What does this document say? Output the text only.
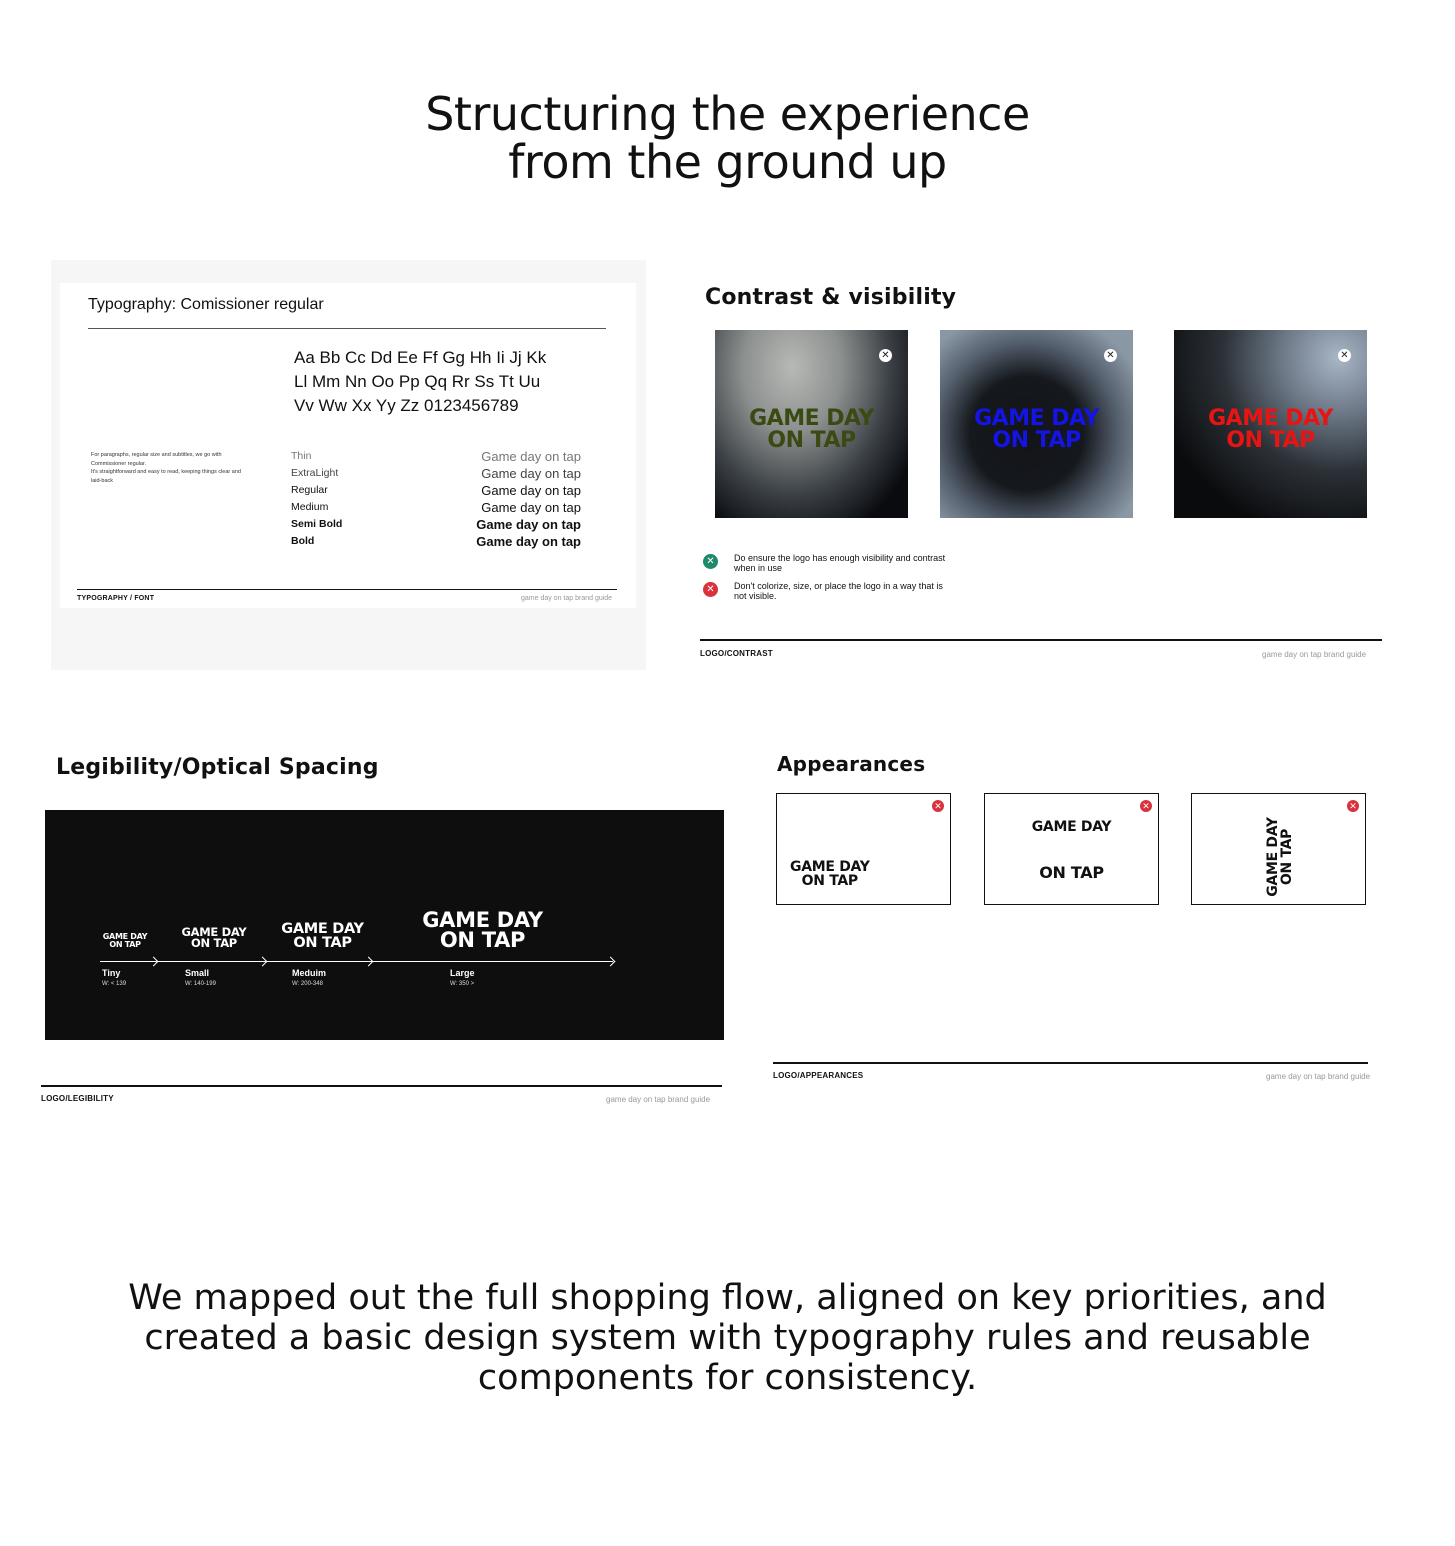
Structuring the experience
from the ground up
Typography: Comissioner regular
Aa Bb Cc Dd Ee Ff Gg Hh Ii Jj Kk
Ll Mm Nn Oo Pp Qq Rr Ss Tt Uu
Vv Ww Xx Yy Zz 0123456789
For paragraphs, regular size and subtitles, we go with Commissioner regular.
It's straightforward and easy to read, keeping things clear and laid-back
Thin	Game day on tap
ExtraLight	Game day on tap
Regular	Game day on tap
Medium	Game day on tap
Semi Bold	Game day on tap
Bold	Game day on tap
TYPOGRAPHY / FONT	game day on tap brand guide
Contrast & visibility
GAME DAY
ON TAP
✕
GAME DAY
ON TAP
✕
GAME DAY
ON TAP
✕
✕	Do ensure the logo has enough visibility and contrast when in use
✕	Don't colorize, size, or place the logo in a way that is not visible.
LOGO/CONTRAST	game day on tap brand guide
Legibility/Optical Spacing
GAME DAY
ON TAP
GAME DAY
ON TAP
GAME DAY
ON TAP
GAME DAY
ON TAP
Tiny
W: < 139
Small
W: 140-199
Meduim
W: 200-348
Large
W: 350 >
LOGO/LEGIBILITY	game day on tap brand guide
Appearances
✕
GAME DAY
ON TAP
✕
GAME DAY
ON TAP
✕
GAME DAY
ON TAP
LOGO/APPEARANCES	game day on tap brand guide
We mapped out the full shopping flow, aligned on key priorities, and
created a basic design system with typography rules and reusable
components for consistency.
